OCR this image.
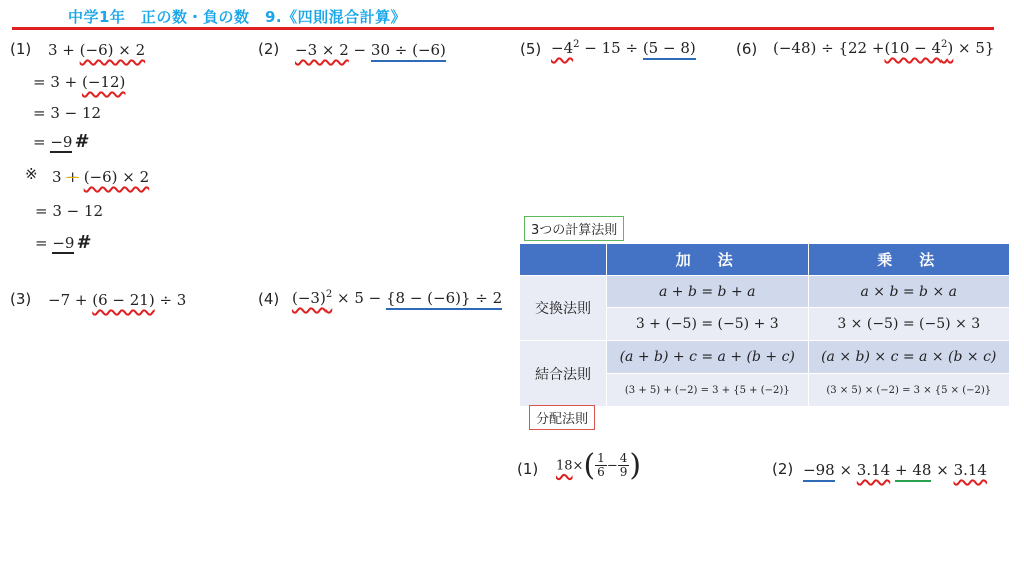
中学1年　正の数・負の数　9.《四則混合計算》
(1) 3 + (−6) × 2
= 3 + (−12)
= 3 − 12
= −9 #
※ 3 + (−6) × 2
= 3 − 12
= −9 #
(2) −3 × 2 − 30 ÷ (−6)
(3) −7 + (6 − 21) ÷ 3	(4) $(-3)^2 \times 5 - \{8 - (-6)\} \div 2$
$(5) -4^2 - 15 \div (5 - 8)$	(6) $(-48) \div \{22 +(10 - 4^2) \times 5\}$
3つの計算法則
	加　法	乗　法
交換法則	a + b = b + a	a × b = b × a
	3 + (−5) = (−5) + 3	3 × (−5) = (−5) × 3
結合法則	(a + b) + c = a + (b + c)	(a × b) × c = a × (b × c)
	(3 + 5) + (−2) = 3 + {5 + (−2)}	(3 × 5) × (−2) = 3 × {5 × (−2)}
分配法則
(1) $18\times( \frac{1}{6} - \frac{4}{9}$ )	(2) −98 × 3.14 + 48 × 3.14
